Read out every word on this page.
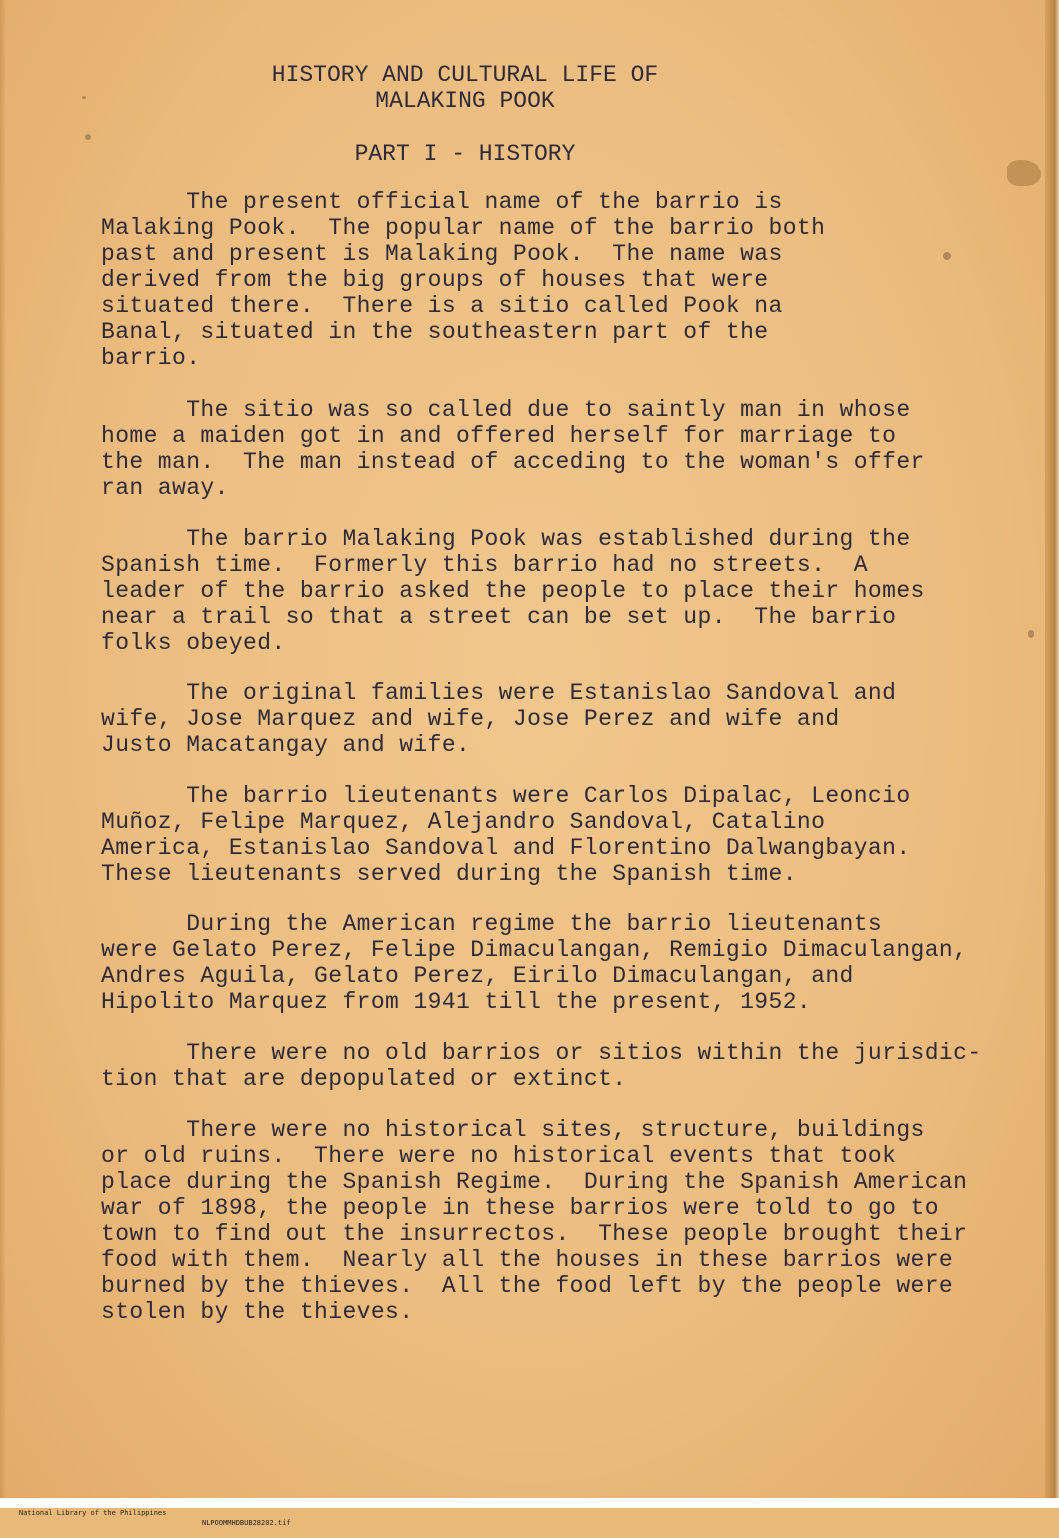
HISTORY AND CULTURAL LIFE OF
MALAKING POOK
PART I - HISTORY
The present official name of the barrio is
Malaking Pook.  The popular name of the barrio both
past and present is Malaking Pook.  The name was
derived from the big groups of houses that were
situated there.  There is a sitio called Pook na
Banal, situated in the southeastern part of the
barrio.
The sitio was so called due to saintly man in whose
home a maiden got in and offered herself for marriage to
the man.  The man instead of acceding to the woman's offer
ran away.
The barrio Malaking Pook was established during the
Spanish time.  Formerly this barrio had no streets.  A
leader of the barrio asked the people to place their homes
near a trail so that a street can be set up.  The barrio
folks obeyed.
The original families were Estanislao Sandoval and
wife, Jose Marquez and wife, Jose Perez and wife and
Justo Macatangay and wife.
The barrio lieutenants were Carlos Dipalac, Leoncio
Muñoz, Felipe Marquez, Alejandro Sandoval, Catalino
America, Estanislao Sandoval and Florentino Dalwangbayan.
These lieutenants served during the Spanish time.
During the American regime the barrio lieutenants
were Gelato Perez, Felipe Dimaculangan, Remigio Dimaculangan,
Andres Aguila, Gelato Perez, Eirilo Dimaculangan, and
Hipolito Marquez from 1941 till the present, 1952.
There were no old barrios or sitios within the jurisdic-
tion that are depopulated or extinct.
There were no historical sites, structure, buildings
or old ruins.  There were no historical events that took
place during the Spanish Regime.  During the Spanish American
war of 1898, the people in these barrios were told to go to
town to find out the insurrectos.  These people brought their
food with them.  Nearly all the houses in these barrios were
burned by the thieves.  All the food left by the people were
stolen by the thieves.

National Library of the Philippines

NLPOOMMHDBUB28202.tif
